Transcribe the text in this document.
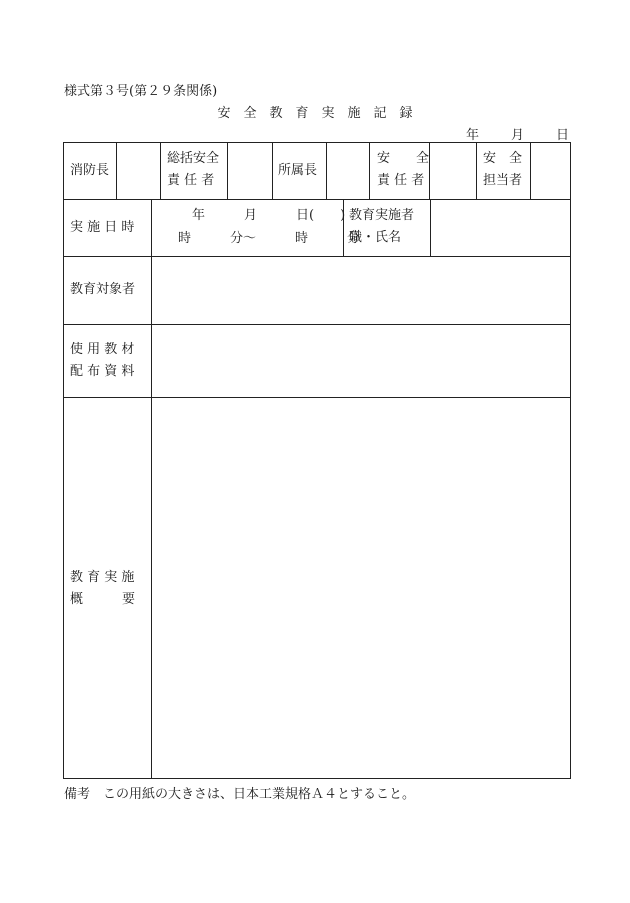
様式第３号(第２９条関係)
安　全　教　育　実　施　記　録
年 月 日
消防長
総括安全
責 任 者
所属長
安　　全
責 任 者
安　全
担当者
実 施 日 時
年　　　月　　　日(　　)
時　　　分～　　　時　　　分
教育実施者
職・氏名
教育対象者
使 用 教 材
配 布 資 料
教 育 実 施
概　　　要
備考　この用紙の大きさは、日本工業規格Ａ４とすること。
